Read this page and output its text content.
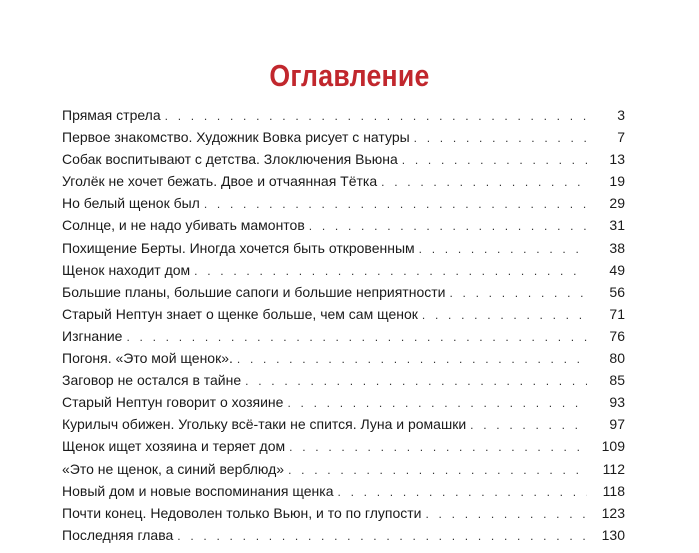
Оглавление
Прямая стрела . . .	3
Первое знакомство. Художник Вовка рисует с натуры . . .	7
Собак воспитывают с детства. Злоключения Вьюна . . .	13
Уголёк не хочет бежать. Двое и отчаянная Тётка . . .	19
Но белый щенок был . . .	29
Солнце, и не надо убивать мамонтов . . .	31
Похищение Берты. Иногда хочется быть откровенным . . .	38
Щенок находит дом . . .	49
Большие планы, большие сапоги и большие неприятности . . .	56
Старый Нептун знает о щенке больше, чем сам щенок . . .	71
Изгнание . . .	76
Погоня. «Это мой щенок». . . .	80
Заговор не остался в тайне . . .	85
Старый Нептун говорит о хозяине . . .	93
Курилыч обижен. Угольку всё-таки не спится. Луна и ромашки . . .	97
Щенок ищет хозяина и теряет дом . . .	109
«Это не щенок, а синий верблюд» . . .	112
Новый дом и новые воспоминания щенка . . .	118
Почти конец. Недоволен только Вьюн, и то по глупости . . .	123
Последняя глава . . .	130
